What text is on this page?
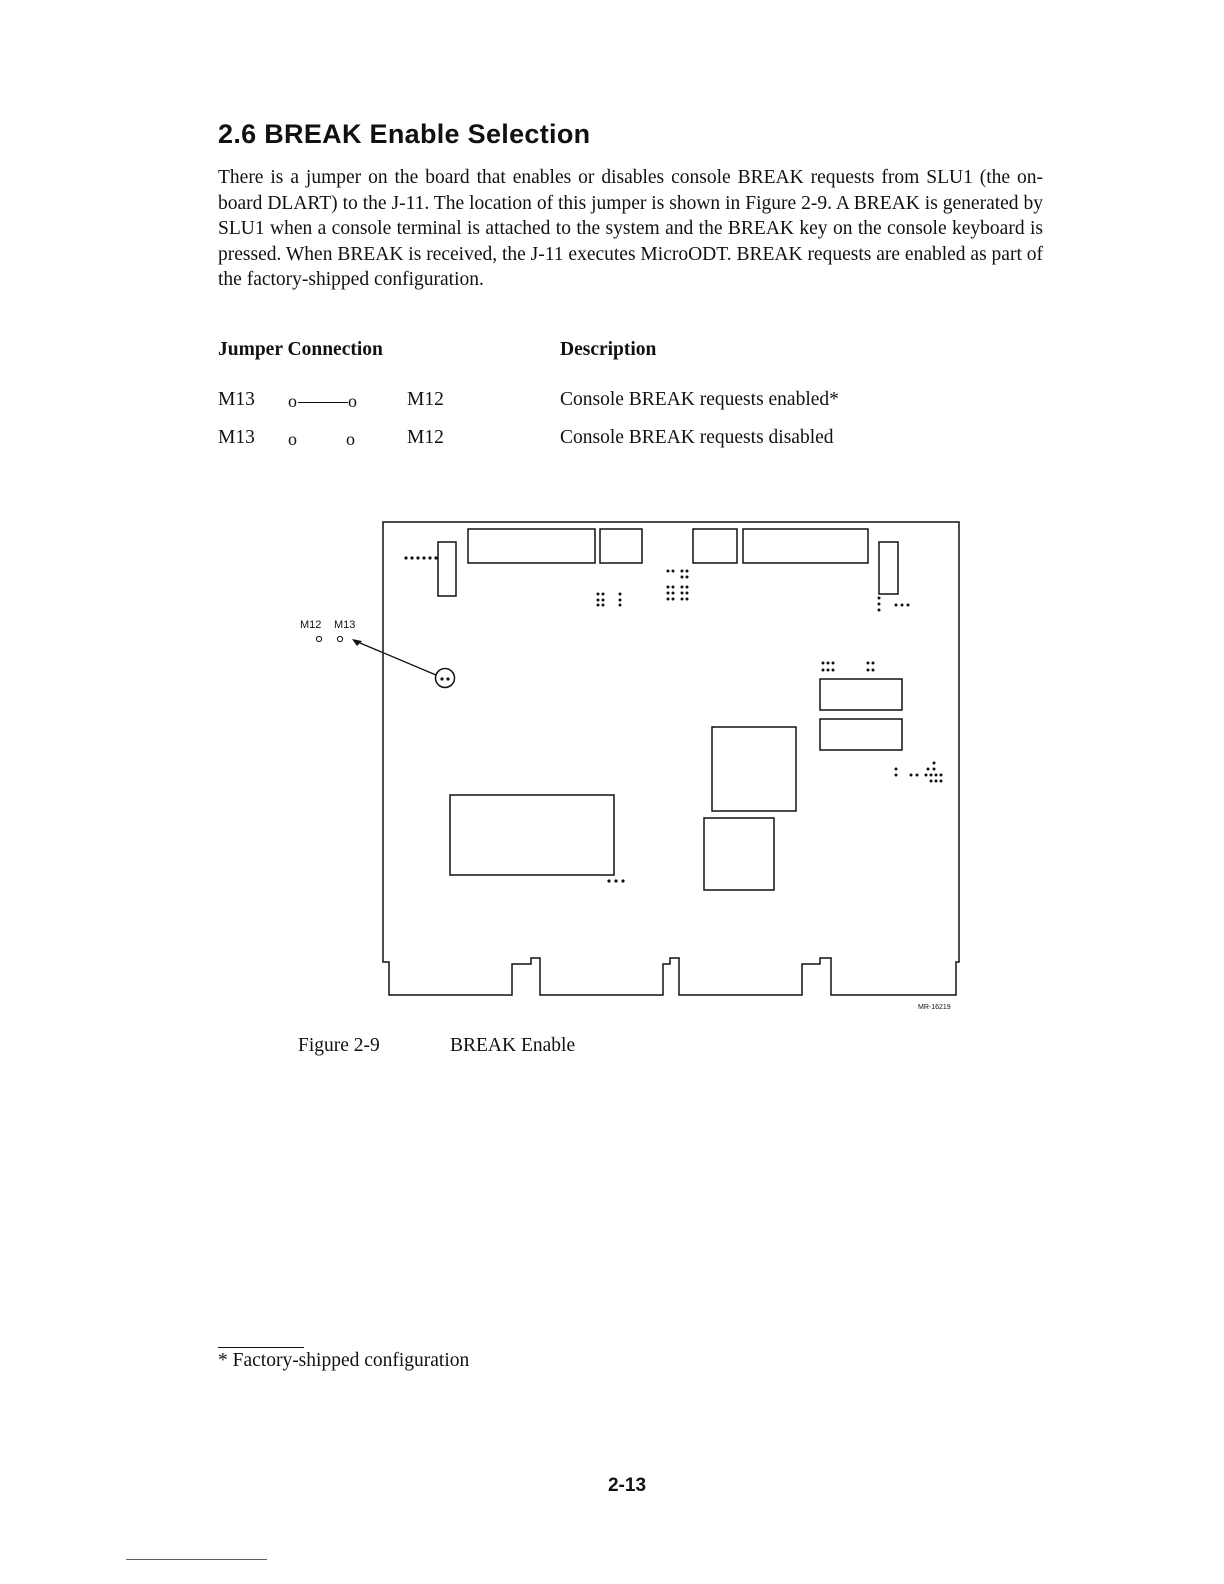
2.6 BREAK Enable Selection

There is a jumper on the board that enables or disables console BREAK requests from SLU1 (the on-board DLART) to the J-11. The location of this jumper is shown in Figure 2-9. A BREAK is generated by SLU1 when a console terminal is attached to the system and the BREAK key on the console keyboard is pressed. When BREAK is received, the J-11 executes MicroODT. BREAK requests are enabled as part of the factory-shipped configuration.

Jumper Connection	Description
M13 o	o	M12	Console BREAK requests enabled*
M13 o	o	M12	Console BREAK requests disabled
M12 M13
MR-16219
Figure 2-9	BREAK Enable
* Factory-shipped configuration
2-13
